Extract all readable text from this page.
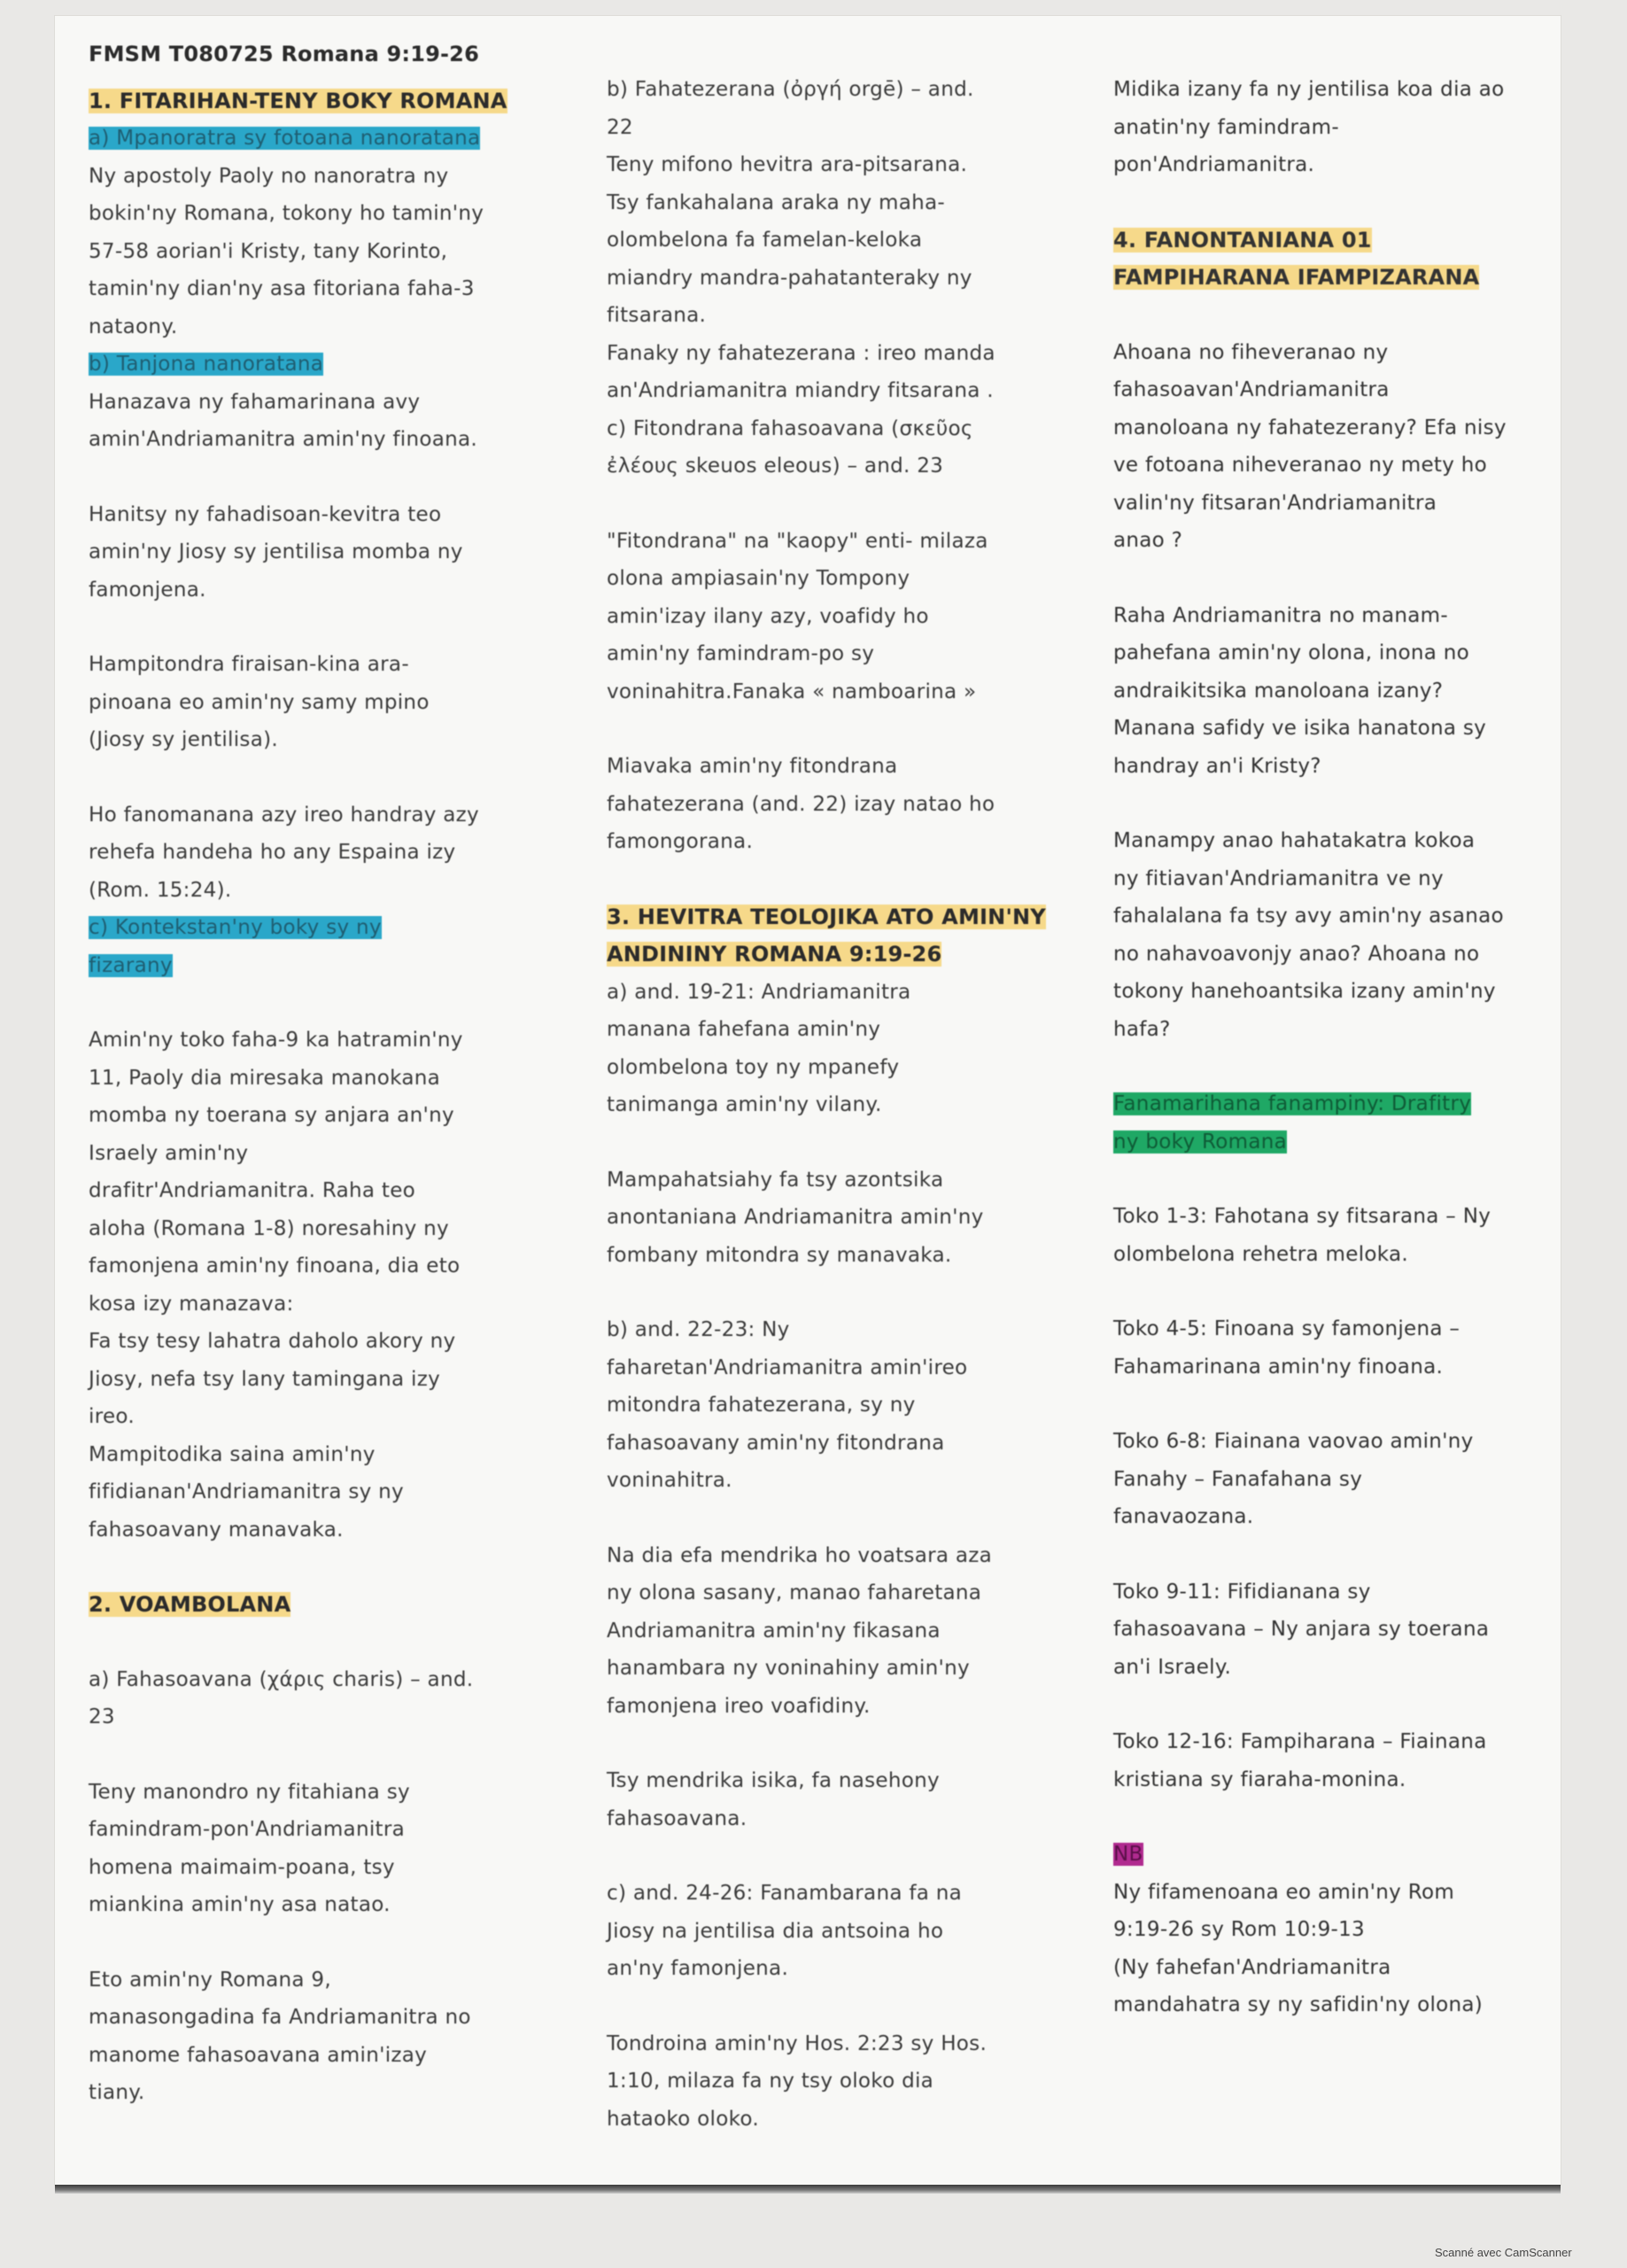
FMSM T080725 Romana 9:19-26

1. FITARIHAN-TENY BOKY ROMANA

a) Mpanoratra sy fotoana nanoratana

Ny apostoly Paoly no nanoratra ny
bokin'ny Romana, tokony ho tamin'ny
57-58 aorian'i Kristy, tany Korinto,
tamin'ny dian'ny asa fitoriana faha-3
nataony.

b) Tanjona nanoratana

Hanazava ny fahamarinana avy
amin'Andriamanitra amin'ny finoana.

Hanitsy ny fahadisoan-kevitra teo
amin'ny Jiosy sy jentilisa momba ny
famonjena.

Hampitondra firaisan-kina ara-
pinoana eo amin'ny samy mpino
(Jiosy sy jentilisa).

Ho fanomanana azy ireo handray azy
rehefa handeha ho any Espaina izy
(Rom. 15:24).

c) Kontekstan'ny boky sy ny

fizarany

Amin'ny toko faha-9 ka hatramin'ny
11, Paoly dia miresaka manokana
momba ny toerana sy anjara an'ny
Israely amin'ny
drafitr'Andriamanitra. Raha teo
aloha (Romana 1-8) noresahiny ny
famonjena amin'ny finoana, dia eto
kosa izy manazava:
Fa tsy tesy lahatra daholo akory ny
Jiosy, nefa tsy lany taminganа izy
ireo.
Mampitodika saina amin'ny
fifidianan'Andriamanitra sy ny
fahasoavany manavaka.

2. VOAMBOLANA

a) Fahasoavana (χάρις charis) – and.
23

Teny manondro ny fitahiana sy
famindram-pon'Andriamanitra
homena maimaim-poana, tsy
miankina amin'ny asa natao.

Eto amin'ny Romana 9,
manasongadina fa Andriamanitra no
manome fahasoavana amin'izay
tiany.

b) Fahatezerana (ὀργή orgē) – and.
22

Teny mifono hevitra ara-pitsarana.
Tsy fankahalana araka ny maha-
olombelona fa famelan-keloka
miandry mandra-pahatanteraky ny
fitsarana.

Fanaky ny fahatezerana : ireo manda
an'Andriamanitra miandry fitsarana .
c) Fitondrana fahasoavana (σκεῦος
ἐλέους skeuos eleous) – and. 23

"Fitondrana" na "kaopy" enti- milaza
olona ampiasain'ny Tompony
amin'izay ilany azy, voafidy ho
amin'ny famindram-po sy
voninahitra.Fanaka « namboarina »

Miavaka amin'ny fitondrana
fahatezerana (and. 22) izay natao ho
famongorana.

3. HEVITRA TEOLOJIKA ATO AMIN'NY

ANDININY ROMANA 9:19-26

a) and. 19-21: Andriamanitra
manana fahefana amin'ny
olombelona toy ny mpanefy
tanimanga amin'ny vilany.

Mampahatsiahy fa tsy azontsika
anontaniana Andriamanitra amin'ny
fombany mitondra sy manavaka.

b) and. 22-23: Ny
faharetan'Andriamanitra amin'ireo
mitondra fahatezerana, sy ny
fahasoavany amin'ny fitondrana
voninahitra.

Na dia efa mendrika ho voatsara aza
ny olona sasany, manao faharetana
Andriamanitra amin'ny fikasana
hanambara ny voninahiny amin'ny
famonjena ireo voafidiny.

Tsy mendrika isika, fa nasehony
fahasoavana.

c) and. 24-26: Fanambarana fa na
Jiosy na jentilisa dia antsoina ho
an'ny famonjena.

Tondroina amin'ny Hos. 2:23 sy Hos.
1:10, milaza fa ny tsy oloko dia
hataoko oloko.

Midika izany fa ny jentilisa koa dia ao
anatin'ny famindram-
pon'Andriamanitra.

4. FANONTANIANA 01

FAMPIHARANA IFAMPIZARANA

Ahoana no fiheveranao ny
fahasoavan'Andriamanitra
manoloana ny fahatezerany? Efa nisy
ve fotoana niheveranao ny mety ho
valin'ny fitsaran'Andriamanitra
anao ?

Raha Andriamanitra no manam-
pahefana amin'ny olona, inona no
andraikitsika manoloana izany?
Manana safidy ve isika hanatona sy
handray an'i Kristy?

Manampy anao hahatakatra kokoa
ny fitiavan'Andriamanitra ve ny
fahalalana fa tsy avy amin'ny asanao
no nahavoavonjy anao? Ahoana no
tokony hanehoantsika izany amin'ny
hafa?

Fanamarihana fanampiny: Drafitry

ny boky Romana

Toko 1-3: Fahotana sy fitsarana – Ny
olombelona rehetra meloka.

Toko 4-5: Finoana sy famonjena –
Fahamarinana amin'ny finoana.

Toko 6-8: Fiainana vaovao amin'ny
Fanahy – Fanafahana sy
fanavaozana.

Toko 9-11: Fifidianana sy
fahasoavana – Ny anjara sy toerana
an'i Israely.

Toko 12-16: Fampiharana – Fiainana
kristiana sy fiaraha-monina.

NB

Ny fifamenoana eo amin'ny Rom
9:19-26 sy Rom 10:9-13
(Ny fahefan'Andriamanitra
mandahatra sy ny safidin'ny olona)

Scanné avec CamScanner
